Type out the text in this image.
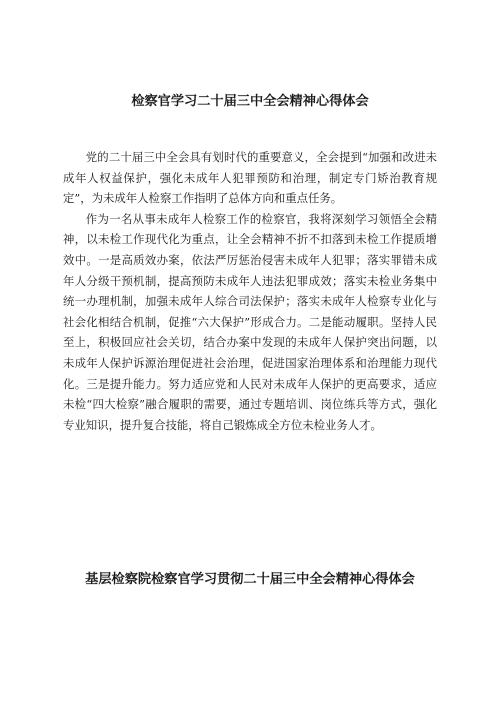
检察官学习二十届三中全会精神心得体会

党的二十届三中全会具有划时代的重要意义，全会提到“加强和改进未成年人权益保护，强化未成年人犯罪预防和治理，制定专门矫治教育规定”，为未成年人检察工作指明了总体方向和重点任务。

作为一名从事未成年人检察工作的检察官，我将深刻学习领悟全会精神，以未检工作现代化为重点，让全会精神不折不扣落到未检工作提质增效中。一是高质效办案，依法严厉惩治侵害未成年人犯罪；落实罪错未成年人分级干预机制，提高预防未成年人违法犯罪成效；落实未检业务集中统一办理机制，加强未成年人综合司法保护；落实未成年人检察专业化与社会化相结合机制，促推“六大保护”形成合力。二是能动履职。坚持人民至上，积极回应社会关切，结合办案中发现的未成年人保护突出问题，以未成年人保护诉源治理促进社会治理，促进国家治理体系和治理能力现代化。三是提升能力。努力适应党和人民对未成年人保护的更高要求，适应未检“四大检察”融合履职的需要，通过专题培训、岗位练兵等方式，强化专业知识，提升复合技能，将自己锻炼成全方位未检业务人才。

基层检察院检察官学习贯彻二十届三中全会精神心得体会
